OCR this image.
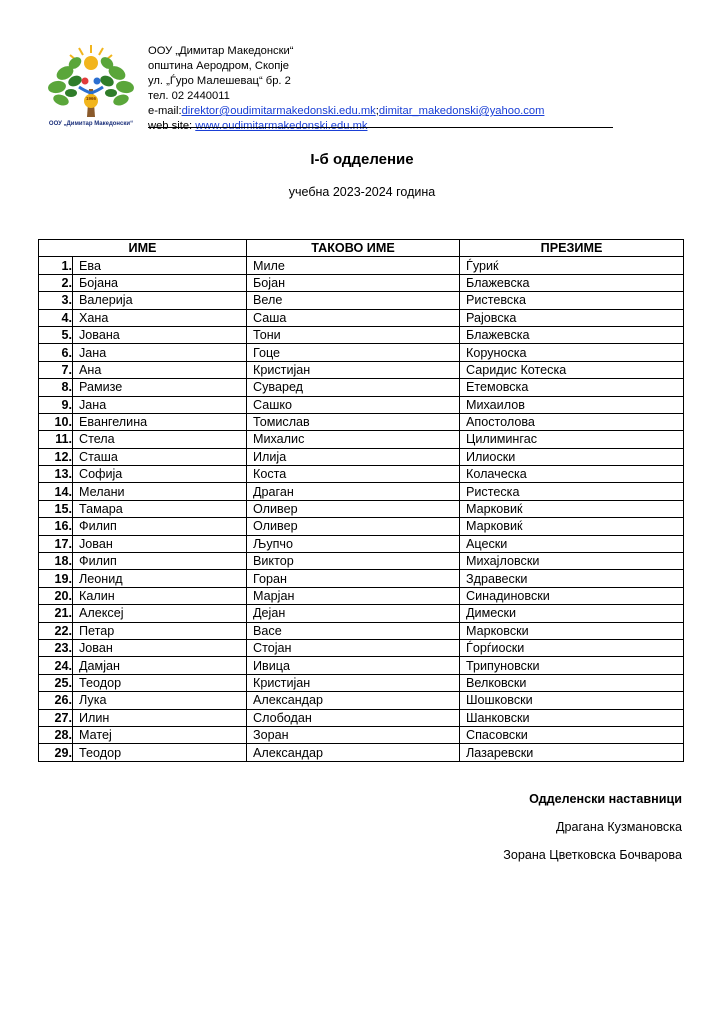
1966
ООУ „Димитар Македонски“
ООУ „Димитар Македонски“
општина Аеродром, Скопје
ул. „Ѓуро Малешевац“ бр. 2
тел. 02 2440011
e-mail:direktor@oudimitarmakedonski.edu.mk;dimitar_makedonski@yahoo.com
web site: www.oudimitarmakedonski.edu.mk
I-б одделение
учебна 2023-2024 година
ИМЕ		ТАКОВО ИМЕ	ПРЕЗИМЕ
1.	Ева	Миле	Ѓуриќ
2.	Бојана	Бојан	Блажевска
3.	Валерија	Веле	Ристевска
4.	Хана	Саша	Рајовска
5.	Јована	Тони	Блажевска
6.	Јана	Гоце	Коруноска
7.	Ана	Кристијан	Саридис Котеска
8.	Рамизе	Суваред	Етемовска
9.	Јана	Сашко	Михаилов
10.	Евангелина	Томислав	Апостолова
11.	Стела	Михалис	Цилимингас
12.	Сташа	Илија	Илиоски
13.	Софија	Коста	Колаческа
14.	Мелани	Драган	Ристеска
15.	Тамара	Оливер	Марковиќ
16.	Филип	Оливер	Марковиќ
17.	Јован	Љупчо	Ацески
18.	Филип	Виктор	Михајловски
19.	Леонид	Горан	Здравески
20.	Калин	Марјан	Синадиновски
21.	Алексеј	Дејан	Димески
22.	Петар	Васе	Марковски
23.	Јован	Стојан	Ѓорѓиоски
24.	Дамјан	Ивица	Трипуновски
25.	Теодор	Кристијан	Велковски
26.	Лука	Александар	Шошковски
27.	Илин	Слободан	Шанковски
28.	Матеј	Зоран	Спасовски
29.	Теодор	Александар	Лазаревски
Одделенски наставници
Драгана Кузмановска
Зорана Цветковска Бочварова
